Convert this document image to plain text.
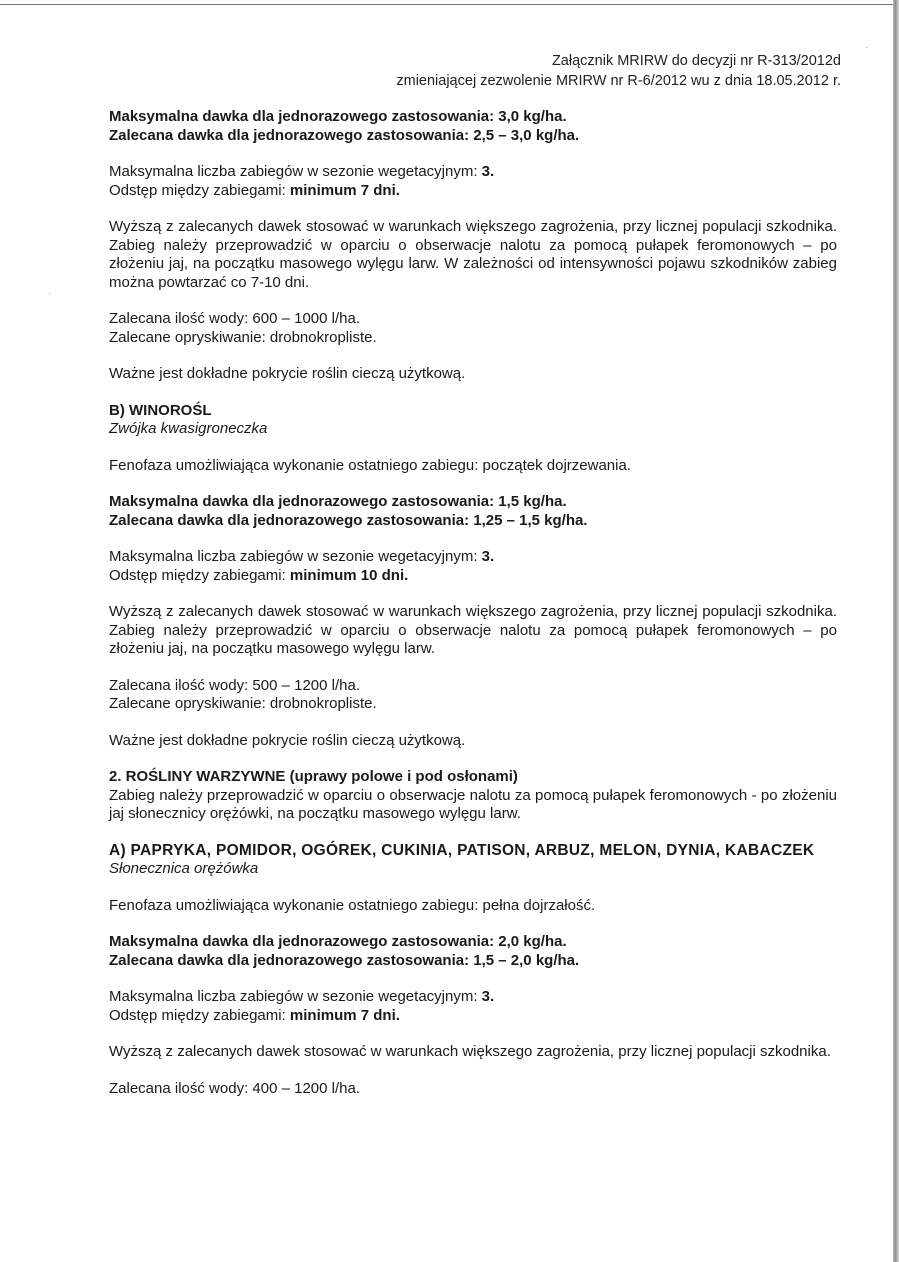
·
·
Załącznik MRIRW do decyzji nr R-313/2012d
zmieniającej zezwolenie MRIRW nr R-6/2012 wu z dnia 18.05.2012 r.

Maksymalna dawka dla jednorazowego zastosowania: 3,0 kg/ha.

Zalecana dawka dla jednorazowego zastosowania: 2,5 – 3,0 kg/ha.

Maksymalna liczba zabiegów w sezonie wegetacyjnym: 3.

Odstęp między zabiegami: minimum 7 dni.

Wyższą z zalecanych dawek stosować w warunkach większego zagrożenia, przy licznej populacji szkodnika. Zabieg należy przeprowadzić w oparciu o obserwacje nalotu za pomocą pułapek feromonowych – po złożeniu jaj, na początku masowego wylęgu larw. W zależności od intensywności pojawu szkodników zabieg można powtarzać co 7-10 dni.

Zalecana ilość wody: 600 – 1000 l/ha.

Zalecane opryskiwanie: drobnokropliste.

Ważne jest dokładne pokrycie roślin cieczą użytkową.

B) WINOROŚL

Zwójka kwasigroneczka

Fenofaza umożliwiająca wykonanie ostatniego zabiegu: początek dojrzewania.

Maksymalna dawka dla jednorazowego zastosowania: 1,5 kg/ha.

Zalecana dawka dla jednorazowego zastosowania: 1,25 – 1,5 kg/ha.

Maksymalna liczba zabiegów w sezonie wegetacyjnym: 3.

Odstęp między zabiegami: minimum 10 dni.

Wyższą z zalecanych dawek stosować w warunkach większego zagrożenia, przy licznej populacji szkodnika. Zabieg należy przeprowadzić w oparciu o obserwacje nalotu za pomocą pułapek feromonowych – po złożeniu jaj, na początku masowego wylęgu larw.

Zalecana ilość wody: 500 – 1200 l/ha.

Zalecane opryskiwanie: drobnokropliste.

Ważne jest dokładne pokrycie roślin cieczą użytkową.

2. ROŚLINY WARZYWNE (uprawy polowe i pod osłonami)

Zabieg należy przeprowadzić w oparciu o obserwacje nalotu za pomocą pułapek feromonowych - po złożeniu jaj słonecznicy orężówki, na początku masowego wylęgu larw.

A) PAPRYKA, POMIDOR, OGÓREK, CUKINIA, PATISON, ARBUZ, MELON, DYNIA, KABACZEK

Słonecznica orężówka

Fenofaza umożliwiająca wykonanie ostatniego zabiegu: pełna dojrzałość.

Maksymalna dawka dla jednorazowego zastosowania: 2,0 kg/ha.

Zalecana dawka dla jednorazowego zastosowania: 1,5 – 2,0 kg/ha.

Maksymalna liczba zabiegów w sezonie wegetacyjnym: 3.

Odstęp między zabiegami: minimum 7 dni.

Wyższą z zalecanych dawek stosować w warunkach większego zagrożenia, przy licznej populacji szkodnika.

Zalecana ilość wody: 400 – 1200 l/ha.
